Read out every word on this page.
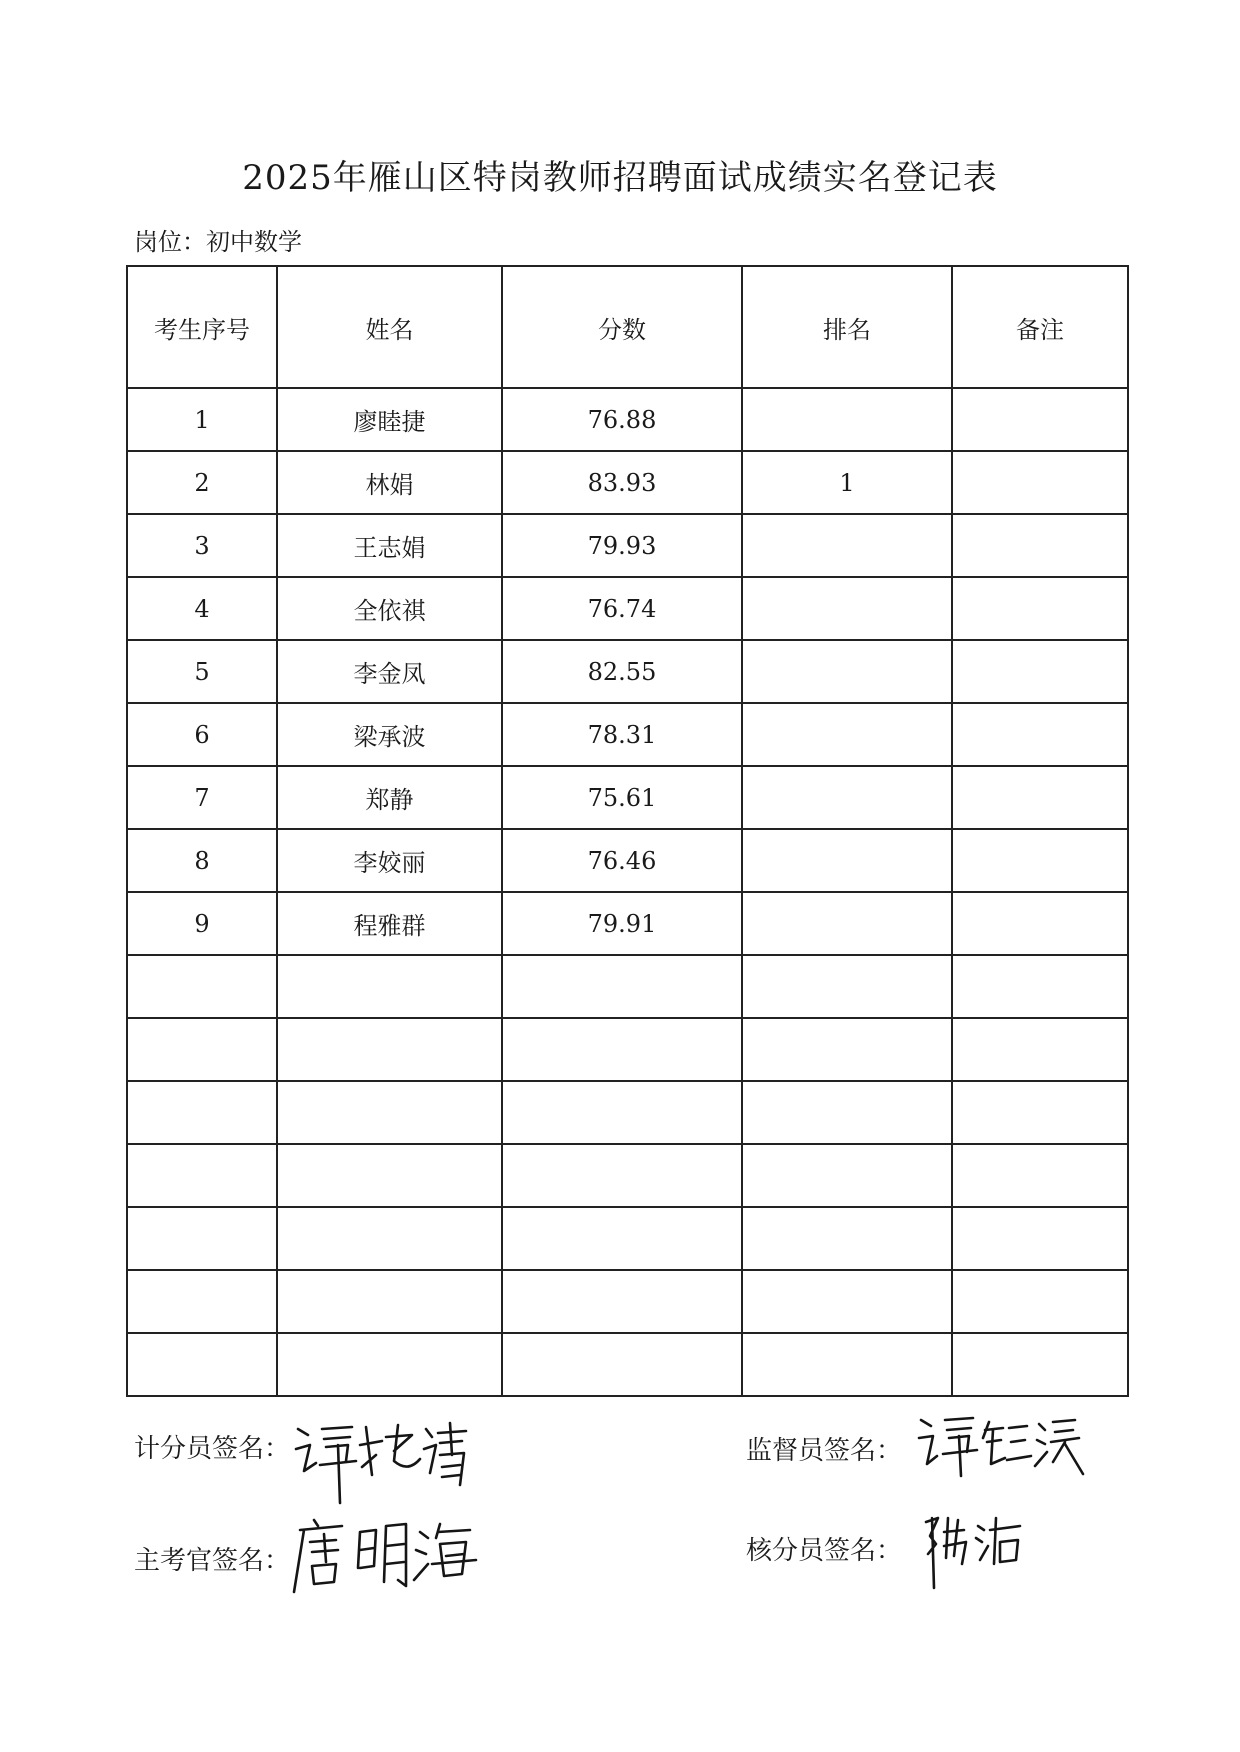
2025年雁山区特岗教师招聘面试成绩实名登记表
岗位：初中数学
考生序号	姓名	分数	排名	备注
1	廖睦捷	76.88		
2	林娟	83.93	1	
3	王志娟	79.93		
4	全依祺	76.74		
5	李金凤	82.55		
6	梁承波	78.31		
7	郑静	75.61		
8	李姣丽	76.46		
9	程雅群	79.91		

计分员签名：	监督员签名：
主考官签名：	核分员签名：
